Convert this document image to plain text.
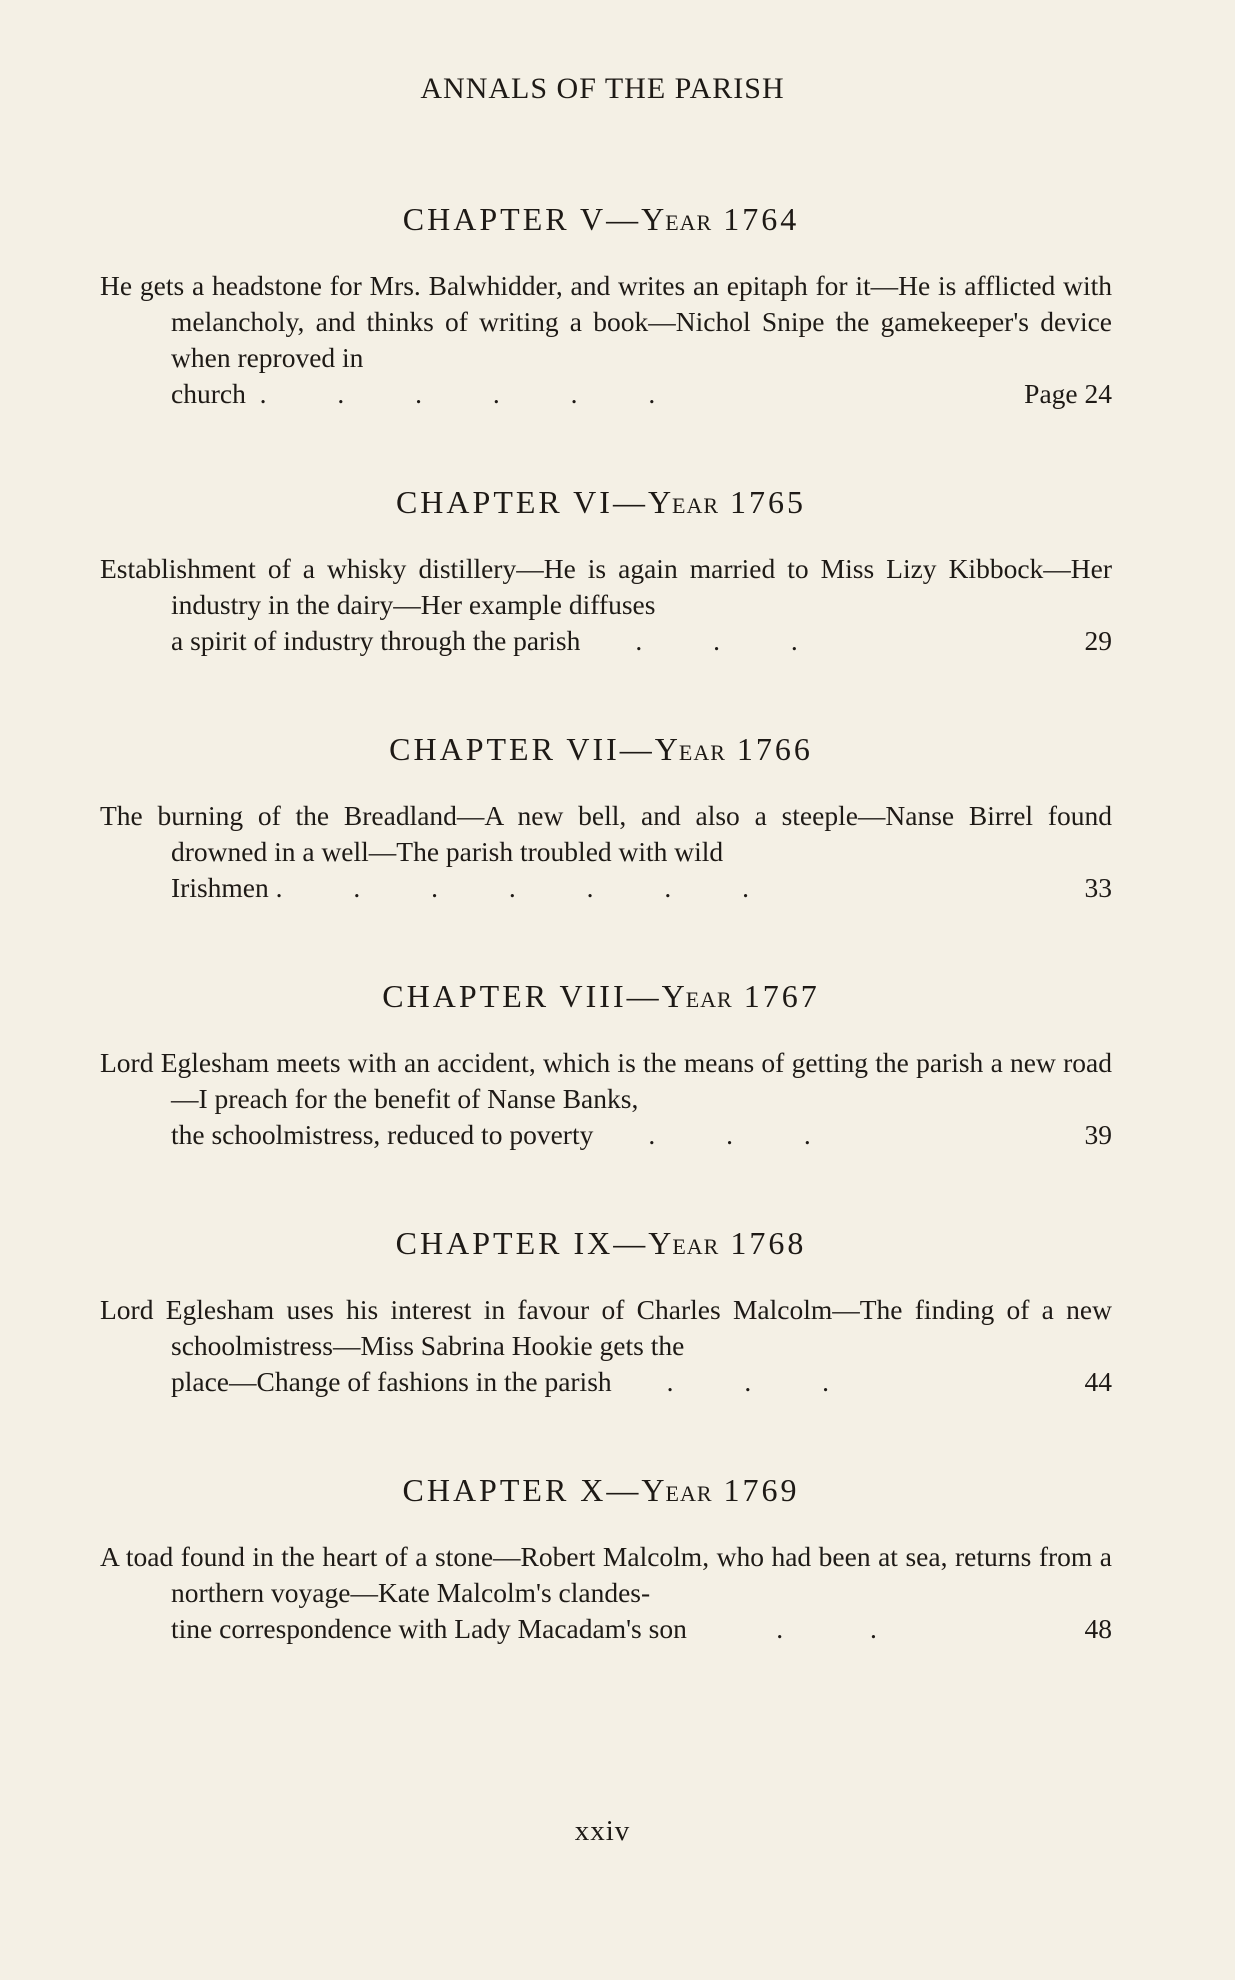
ANNALS OF THE PARISH
CHAPTER V—Year 1764
He gets a headstone for Mrs. Balwhidder, and writes an epitaph for it—He is afflicted with melancholy, and thinks of writing a book—Nichol Snipe the gamekeeper's device when reproved in
church . . . . . .	Page 24
CHAPTER VI—Year 1765
Establishment of a whisky distillery—He is again married to Miss Lizy Kibbock—Her industry in the dairy—Her example diffuses
a spirit of industry through the parish . . .	29
CHAPTER VII—Year 1766
The burning of the Breadland—A new bell, and also a steeple—Nanse Birrel found drowned in a well—The parish troubled with wild
Irishmen . . . . . . .	33
CHAPTER VIII—Year 1767
Lord Eglesham meets with an accident, which is the means of getting the parish a new road—I preach for the benefit of Nanse Banks,
the schoolmistress, reduced to poverty . . .	39
CHAPTER IX—Year 1768
Lord Eglesham uses his interest in favour of Charles Malcolm—The finding of a new schoolmistress—Miss Sabrina Hookie gets the
place—Change of fashions in the parish . . .	44
CHAPTER X—Year 1769
A toad found in the heart of a stone—Robert Malcolm, who had been at sea, returns from a northern voyage—Kate Malcolm's clandes-
tine correspondence with Lady Macadam's son	. .	48
xxiv
